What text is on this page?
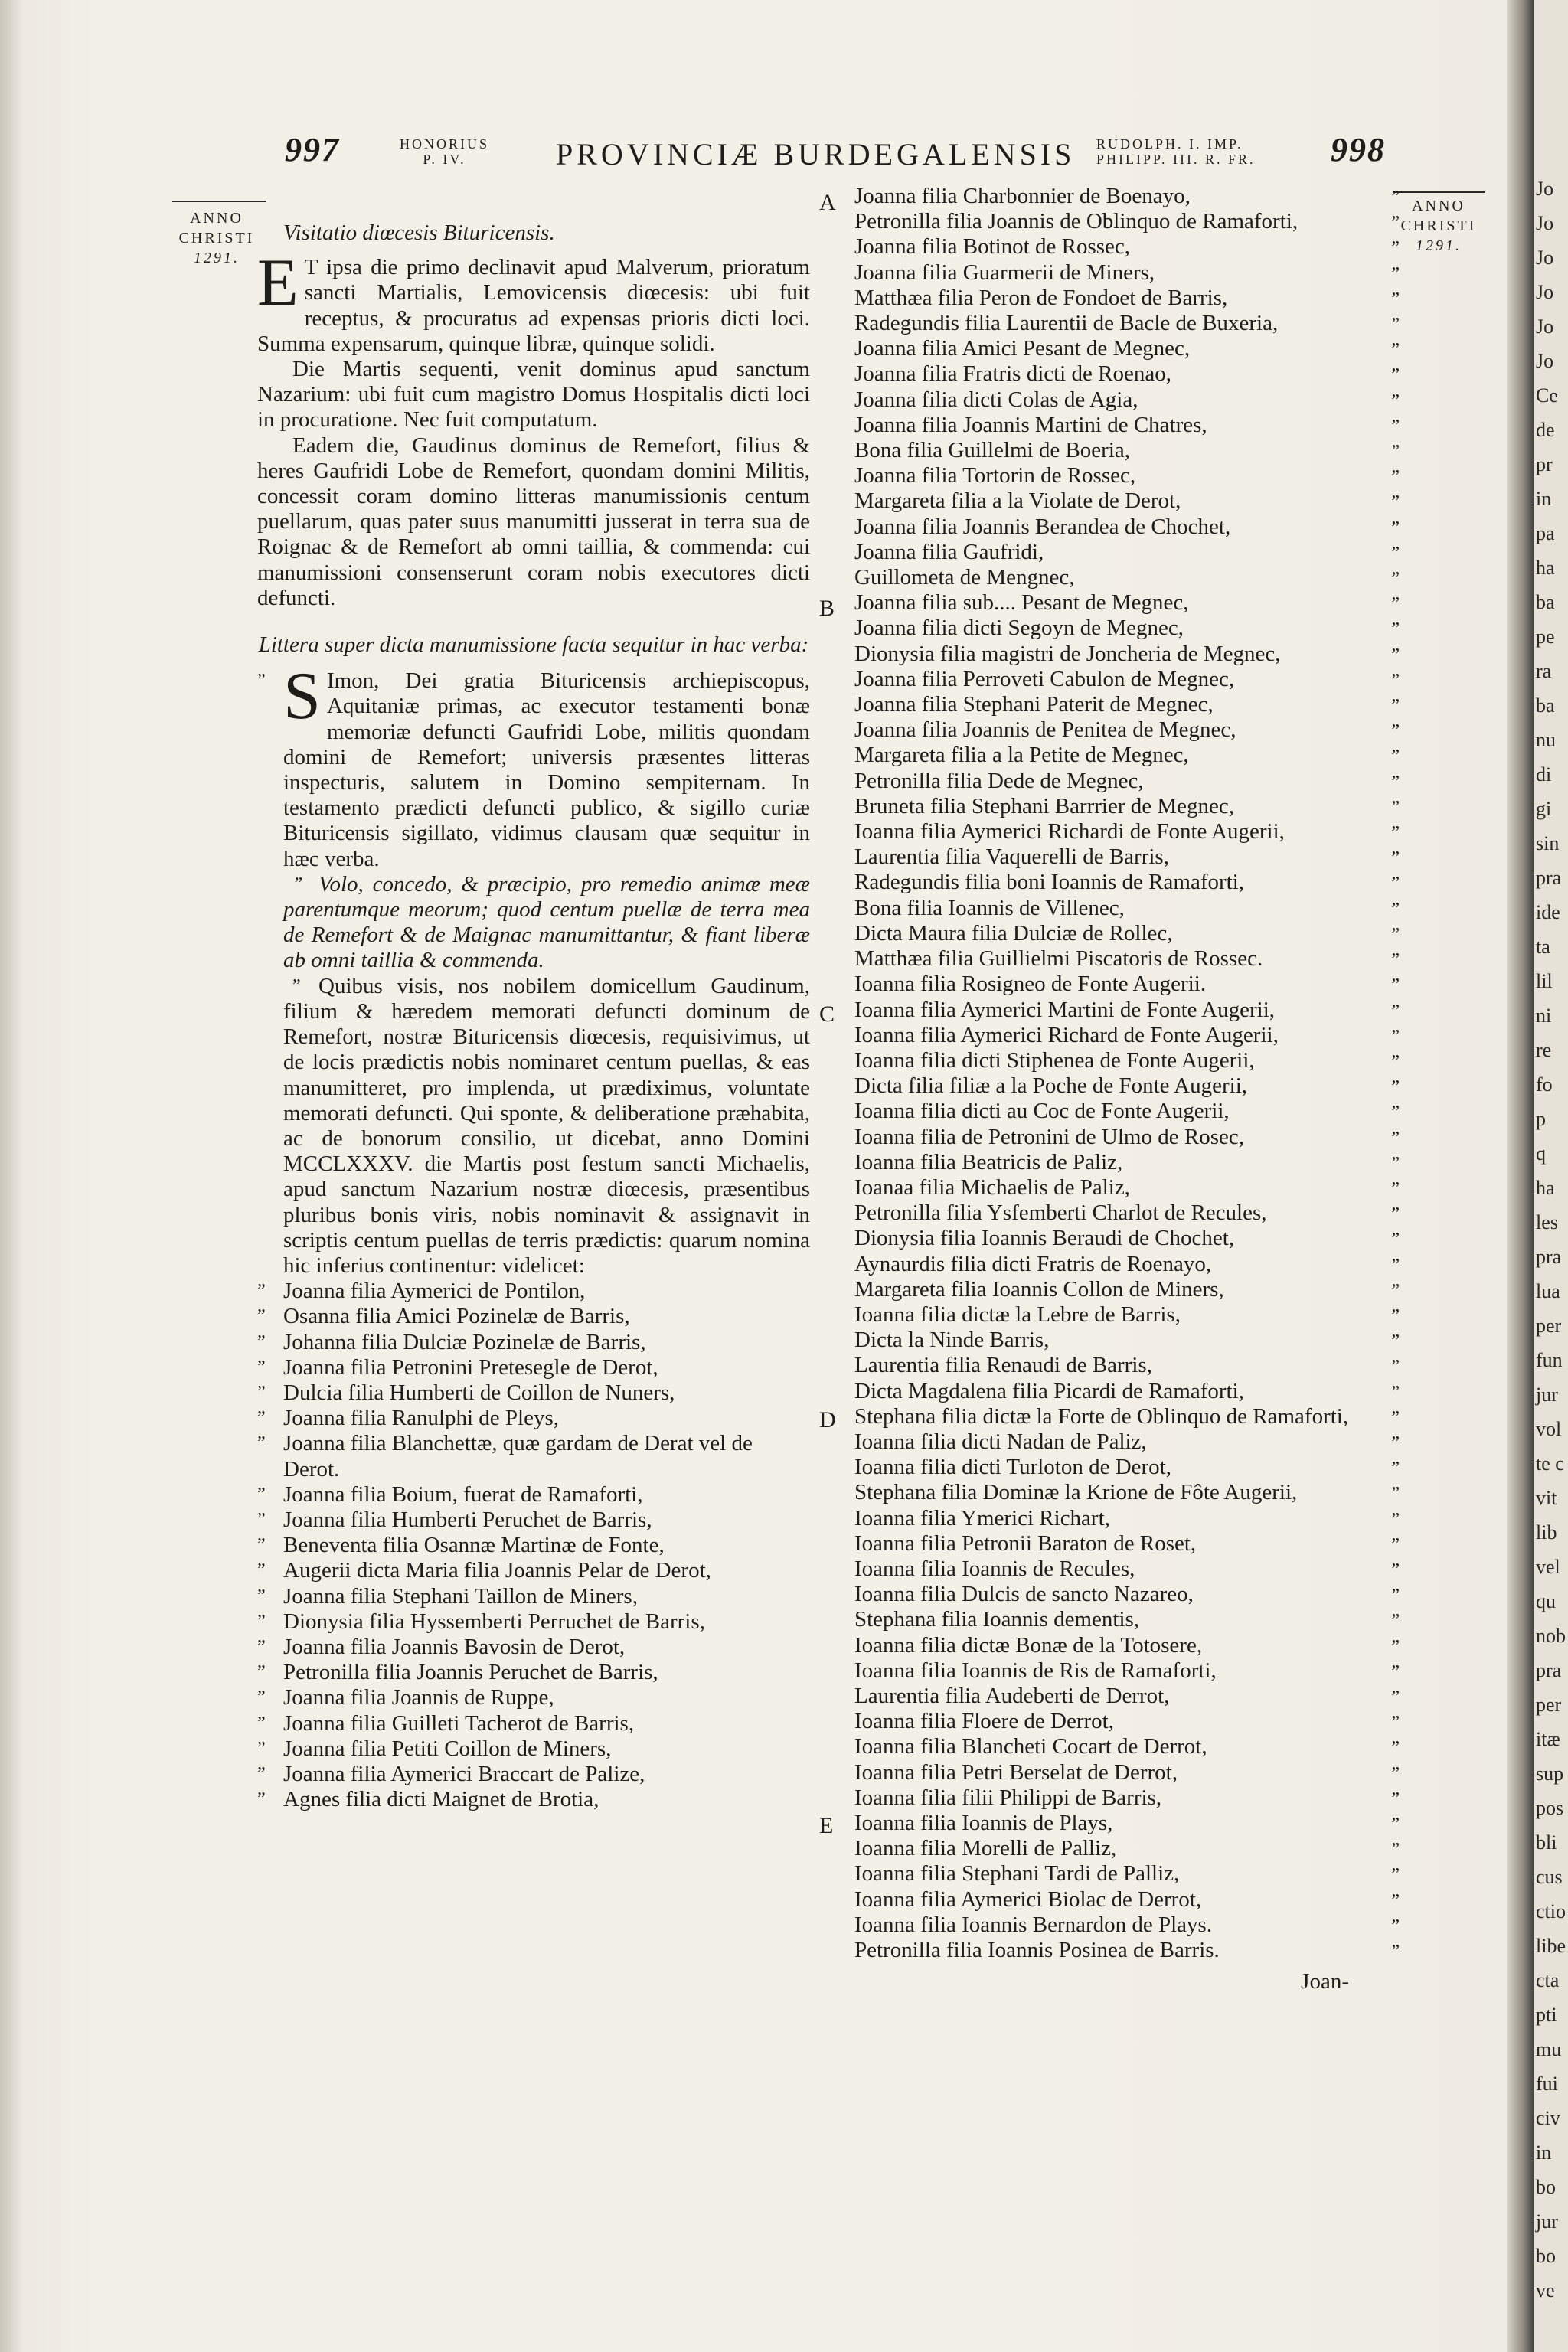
997	HONORIUS
P. IV.	PROVINCIÆ BURDEGALENSIS RUDOLPH. I. IMP.
PHILIPP. III. R. FR. 998
ANNO
CHRISTI
1291.
ANNO
CHRISTI
1291.
A
B
C
D
E
Visitatio diœcesis Bituricensis.
E T ipsa die primo declinavit apud Malverum, prioratum sancti Martialis, Lemovicensis diœcesis: ubi fuit receptus, & procuratus ad expensas prioris dicti loci. Summa expensarum, quinque libræ, quinque solidi.
Die Martis sequenti, venit dominus apud sanctum Nazarium: ubi fuit cum magistro Domus Hospitalis dicti loci in procuratione. Nec fuit computatum.
Eadem die, Gaudinus dominus de Remefort, filius & heres Gaufridi Lobe de Remefort, quondam domini Militis, concessit coram domino litteras manumissionis centum puellarum, quas pater suus manumitti jusserat in terra sua de Roignac & de Remefort ab omni taillia, & commenda: cui manumissioni consenserunt coram nobis executores dicti defuncti.
Littera super dicta manumissione facta sequitur in hac verba:
” S Imon, Dei gratia Bituricensis archiepiscopus, Aquitaniæ primas, ac executor testamenti bonæ memoriæ defuncti Gaufridi Lobe, militis quondam domini de Remefort; universis præsentes litteras inspecturis, salutem in Domino sempiternam. In testamento prædicti defuncti publico, & sigillo curiæ Bituricensis sigillato, vidimus clausam quæ sequitur in hæc verba.
” Volo, concedo, & præcipio, pro remedio animæ meæ parentumque meorum; quod centum puellæ de terra mea de Remefort & de Maignac manumittantur, & fiant liberæ ab omni taillia & commenda.
” Quibus visis, nos nobilem domicellum Gaudinum, filium & hæredem memorati defuncti dominum de Remefort, nostræ Bituricensis diœcesis, requisivimus, ut de locis prædictis nobis nominaret centum puellas, & eas manumitteret, pro implenda, ut prædiximus, voluntate memorati defuncti. Qui sponte, & deliberatione præhabita, ac de bonorum consilio, ut dicebat, anno Domini MCCLXXXV. die Martis post festum sancti Michaelis, apud sanctum Nazarium nostræ diœcesis, præsentibus pluribus bonis viris, nobis nominavit & assignavit in scriptis centum puellas de terris prædictis: quarum nomina hic inferius continentur: videlicet:
” Joanna filia Aymerici de Pontilon,
” Osanna filia Amici Pozinelæ de Barris,
” Johanna filia Dulciæ Pozinelæ de Barris,
” Joanna filia Petronini Pretesegle de Derot,
” Dulcia filia Humberti de Coillon de Nuners,
” Joanna filia Ranulphi de Pleys,
” Joanna filia Blanchettæ, quæ gardam de Derat vel de Derot.
” Joanna filia Boium, fuerat de Ramaforti,
” Joanna filia Humberti Peruchet de Barris,
” Beneventa filia Osannæ Martinæ de Fonte,
” Augerii dicta Maria filia Joannis Pelar de Derot,
” Joanna filia Stephani Taillon de Miners,
” Dionysia filia Hyssemberti Perruchet de Barris,
” Joanna filia Joannis Bavosin de Derot,
” Petronilla filia Joannis Peruchet de Barris,
” Joanna filia Joannis de Ruppe,
” Joanna filia Guilleti Tacherot de Barris,
” Joanna filia Petiti Coillon de Miners,
” Joanna filia Aymerici Braccart de Palize,
” Agnes filia dicti Maignet de Brotia,
Joanna filia Charbonnier de Boenayo, ”
Petronilla filia Joannis de Oblinquo de Ramaforti, ”
Joanna filia Botinot de Rossec, ”
Joanna filia Guarmerii de Miners, ”
Matthæa filia Peron de Fondoet de Barris, ”
Radegundis filia Laurentii de Bacle de Buxeria, ”
Joanna filia Amici Pesant de Megnec, ”
Joanna filia Fratris dicti de Roenao, ”
Joanna filia dicti Colas de Agia, ”
Joanna filia Joannis Martini de Chatres, ”
Bona filia Guillelmi de Boeria, ”
Joanna filia Tortorin de Rossec, ”
Margareta filia a la Violate de Derot, ”
Joanna filia Joannis Berandea de Chochet, ”
Joanna filia Gaufridi, ”
Guillometa de Mengnec, ”
Joanna filia sub.... Pesant de Megnec, ”
Joanna filia dicti Segoyn de Megnec, ”
Dionysia filia magistri de Joncheria de Megnec, ”
Joanna filia Perroveti Cabulon de Megnec, ”
Joanna filia Stephani Paterit de Megnec, ”
Joanna filia Joannis de Penitea de Megnec, ”
Margareta filia a la Petite de Megnec, ”
Petronilla filia Dede de Megnec, ”
Bruneta filia Stephani Barrrier de Megnec, ”
Ioanna filia Aymerici Richardi de Fonte Augerii, ”
Laurentia filia Vaquerelli de Barris, ”
Radegundis filia boni Ioannis de Ramaforti, ”
Bona filia Ioannis de Villenec, ”
Dicta Maura filia Dulciæ de Rollec, ”
Matthæa filia Guillielmi Piscatoris de Rossec. ”
Ioanna filia Rosigneo de Fonte Augerii. ”
Ioanna filia Aymerici Martini de Fonte Augerii, ”
Ioanna filia Aymerici Richard de Fonte Augerii, ”
Ioanna filia dicti Stiphenea de Fonte Augerii, ”
Dicta filia filiæ a la Poche de Fonte Augerii, ”
Ioanna filia dicti au Coc de Fonte Augerii, ”
Ioanna filia de Petronini de Ulmo de Rosec, ”
Ioanna filia Beatricis de Paliz, ”
Ioanaa filia Michaelis de Paliz, ”
Petronilla filia Ysfemberti Charlot de Recules, ”
Dionysia filia Ioannis Beraudi de Chochet, ”
Aynaurdis filia dicti Fratris de Roenayo, ”
Margareta filia Ioannis Collon de Miners, ”
Ioanna filia dictæ la Lebre de Barris, ”
Dicta la Ninde Barris, ”
Laurentia filia Renaudi de Barris, ”
Dicta Magdalena filia Picardi de Ramaforti, ”
Stephana filia dictæ la Forte de Oblinquo de Ramaforti, ”
Ioanna filia dicti Nadan de Paliz, ”
Ioanna filia dicti Turloton de Derot, ”
Stephana filia Dominæ la Krione de Fôte Augerii, ”
Ioanna filia Ymerici Richart, ”
Ioanna filia Petronii Baraton de Roset, ”
Ioanna filia Ioannis de Recules, ”
Ioanna filia Dulcis de sancto Nazareo, ”
Stephana filia Ioannis dementis, ”
Ioanna filia dictæ Bonæ de la Totosere, ”
Ioanna filia Ioannis de Ris de Ramaforti, ”
Laurentia filia Audeberti de Derrot, ”
Ioanna filia Floere de Derrot, ”
Ioanna filia Blancheti Cocart de Derrot, ”
Ioanna filia Petri Berselat de Derrot, ”
Ioanna filia filii Philippi de Barris, ”
Ioanna filia Ioannis de Plays, ”
Ioanna filia Morelli de Palliz, ”
Ioanna filia Stephani Tardi de Palliz, ”
Ioanna filia Aymerici Biolac de Derrot, ”
Ioanna filia Ioannis Bernardon de Plays. ”
Petronilla filia Ioannis Posinea de Barris. ”
Joan-
Jo
Jo
Jo
Jo
Jo
Jo
Ce
de
pr
in
pa
ha
ba
pe
ra
ba
nu
di
gi
sin
pra
ide
ta
lil
ni
re
fo
p
q
ha
les
pra
lua
per
fun
jur
vol
te c
vit
lib
vel
qu
nob
pra
per
itæ
sup
pos
bli
cus
ctio
libe
cta
pti
mu
fui
civ
in
bo
jur
bo
ve
